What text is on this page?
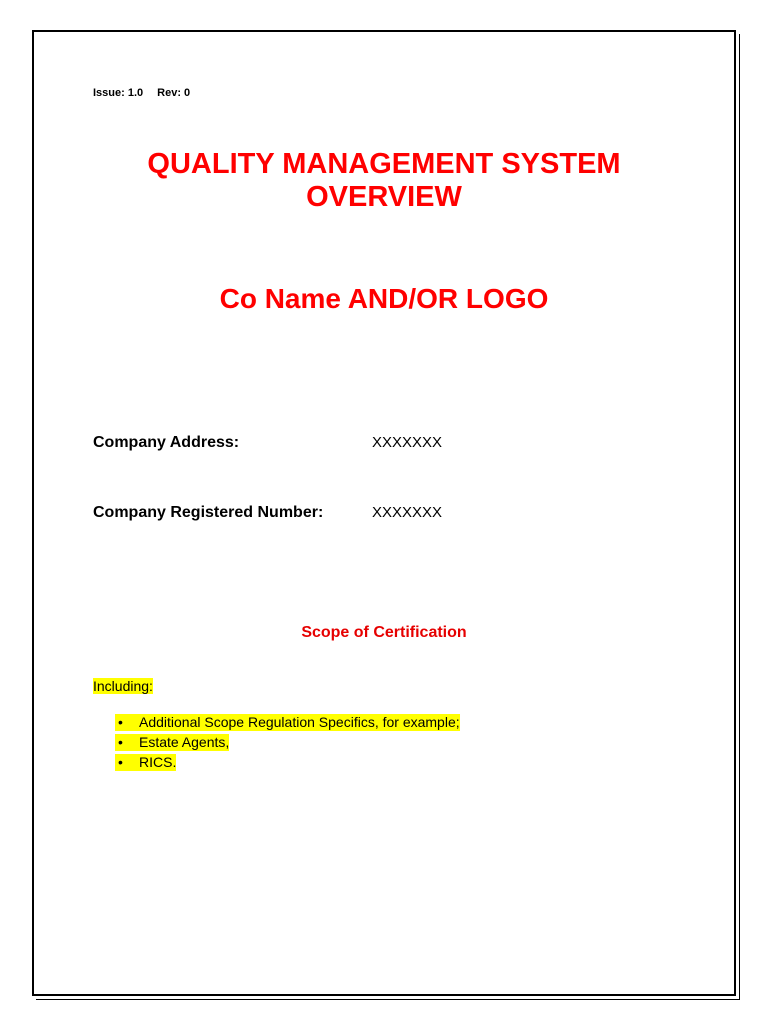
Issue: 1.0 Rev: 0
QUALITY MANAGEMENT SYSTEM
OVERVIEW
Co Name AND/OR LOGO
Company Address:	XXXXXXX
Company Registered Number:	XXXXXXX
Scope of Certification
Including:
• Additional Scope Regulation Specifics, for example;
• Estate Agents,
• RICS.
